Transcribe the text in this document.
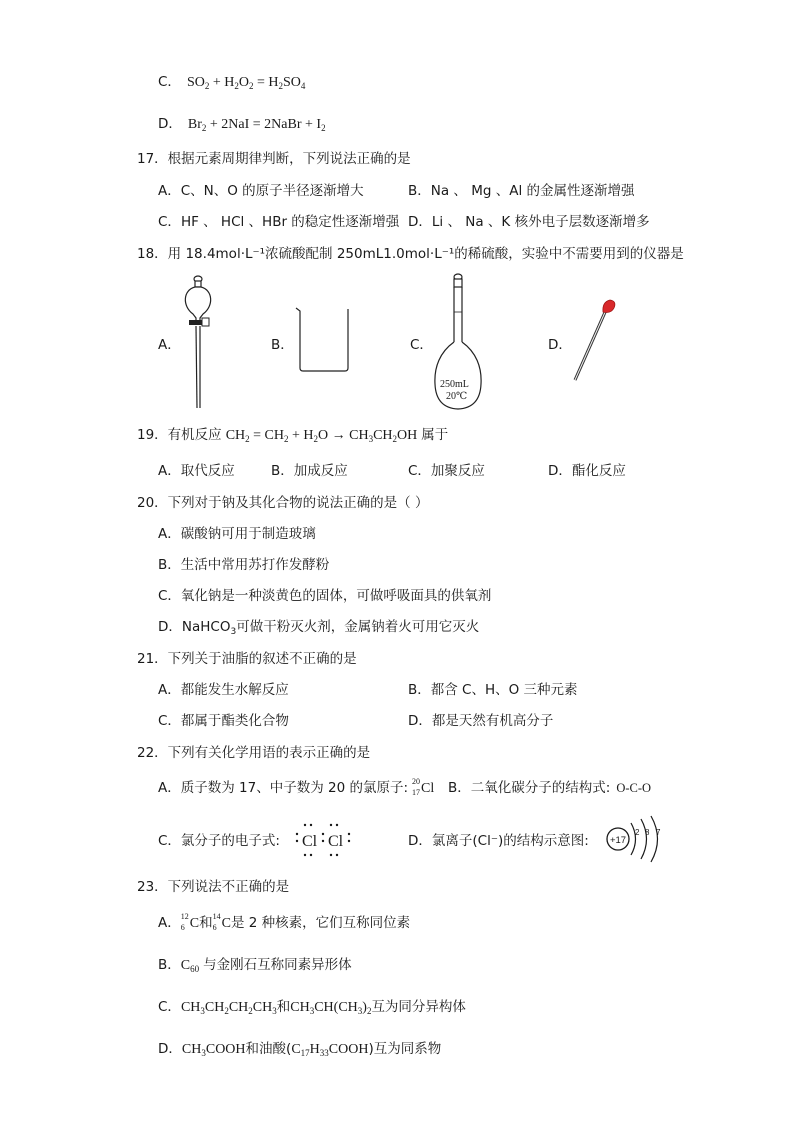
C． $SO_2 + H_2O_2 = H_2SO_4$
D． $Br_2 + 2NaI$ = 2NaBr + $I_2$
17．根据元素周期律判断，下列说法正确的是
A．C、N、O 的原子半径逐渐增大	B．Na 、 Mg 、Al 的金属性逐渐增强
C．HF 、 HCl 、HBr 的稳定性逐渐增强 D．Li 、 Na 、K 核外电子层数逐渐增多
18．用 18.4mol·L⁻¹浓硫酸配制 250mL1.0mol·L⁻¹的稀硫酸，实验中不需要用到的仪器是
A．	B．	C．	D．
250mL
20℃
19．有机反应 $CH_2 = CH_2 + H_2O \to CH_3CH_2OH$ 属于
A．取代反应	B．加成反应	C．加聚反应	D．酯化反应
20．下列对于钠及其化合物的说法正确的是（ ）
A．碳酸钠可用于制造玻璃
B．生活中常用苏打作发酵粉
C．氧化钠是一种淡黄色的固体，可做呼吸面具的供氧剂
D．NaHCO$_3$可做干粉灭火剂，金属钠着火可用它灭火
21．下列关于油脂的叙述不正确的是
A．都能发生水解反应	B．都含 C、H、O 三种元素
C．都属于酯类化合物	D．都是天然有机高分子
22．下列有关化学用语的表示正确的是
A．质子数为 17、中子数为 20 的氯原子: 20
17 Cl B．二氧化碳分子的结构式: O-C-O
C．氯分子的电子式: Cl Cl	D．氯离子(Cl⁻)的结构示意图: +17
2 8 7
23．下列说法不正确的是
A． 12
6 C和 14
6 C是 2 种核素，它们互称同位素
B．$C_{60}$ 与金刚石互称同素异形体
C．$CH_3CH_2CH_2CH_3$和$CH_3CH(CH_3)_2$互为同分异构体
D．$CH_3COOH$和油酸$(C_{17}H_{33}COOH)$互为同系物
